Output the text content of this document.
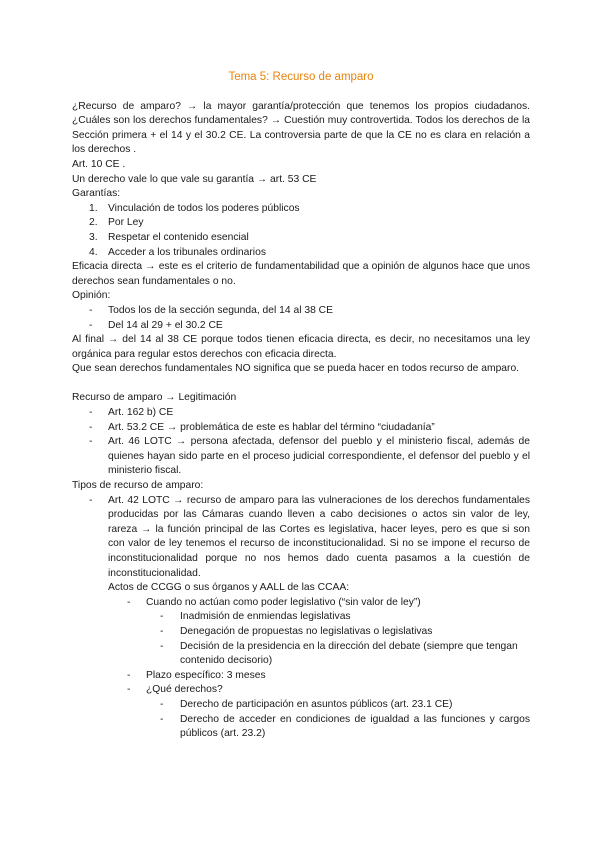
Tema 5: Recurso de amparo

¿Recurso de amparo? → la mayor garantía/protección que tenemos los propios ciudadanos. ¿Cuáles son los derechos fundamentales? → Cuestión muy controvertida. Todos los derechos de la Sección primera + el 14 y el 30.2 CE. La controversia parte de que la CE no es clara en relación a los derechos .

Art. 10 CE .

Un derecho vale lo que vale su garantía → art. 53 CE

Garantías:

1. Vinculación de todos los poderes públicos
2. Por Ley
3. Respetar el contenido esencial
4. Acceder a los tribunales ordinarios

Eficacia directa → este es el criterio de fundamentabilidad que a opinión de algunos hace que unos derechos sean fundamentales o no.

Opinión:

- Todos los de la sección segunda, del 14 al 38 CE
- Del 14 al 29 + el 30.2 CE

Al final → del 14 al 38 CE porque todos tienen eficacia directa, es decir, no necesitamos una ley orgánica para regular estos derechos con eficacia directa.

Que sean derechos fundamentales NO significa que se pueda hacer en todos recurso de amparo.

Recurso de amparo → Legitimación

- Art. 162 b) CE
- Art. 53.2 CE → problemática de este es hablar del término “ciudadanía”
- Art. 46 LOTC → persona afectada, defensor del pueblo y el ministerio fiscal, además de quienes hayan sido parte en el proceso judicial correspondiente, el defensor del pueblo y el ministerio fiscal.

Tipos de recurso de amparo:

- Art. 42 LOTC → recurso de amparo para las vulneraciones de los derechos fundamentales producidas por las Cámaras cuando lleven a cabo decisiones o actos sin valor de ley, rareza → la función principal de las Cortes es legislativa, hacer leyes, pero es que si son con valor de ley tenemos el recurso de inconstitucionalidad. Si no se impone el recurso de inconstitucionalidad porque no nos hemos dado cuenta pasamos a la cuestión de inconstitucionalidad.

Actos de CCGG o sus órganos y AALL de las CCAA:

- Cuando no actúan como poder legislativo (“sin valor de ley”)
- Inadmisión de enmiendas legislativas
- Denegación de propuestas no legislativas o legislativas
- Decisión de la presidencia en la dirección del debate (siempre que tengan contenido decisorio)
- Plazo específico: 3 meses
- ¿Qué derechos?
- Derecho de participación en asuntos públicos (art. 23.1 CE)
- Derecho de acceder en condiciones de igualdad a las funciones y cargos públicos (art. 23.2)
